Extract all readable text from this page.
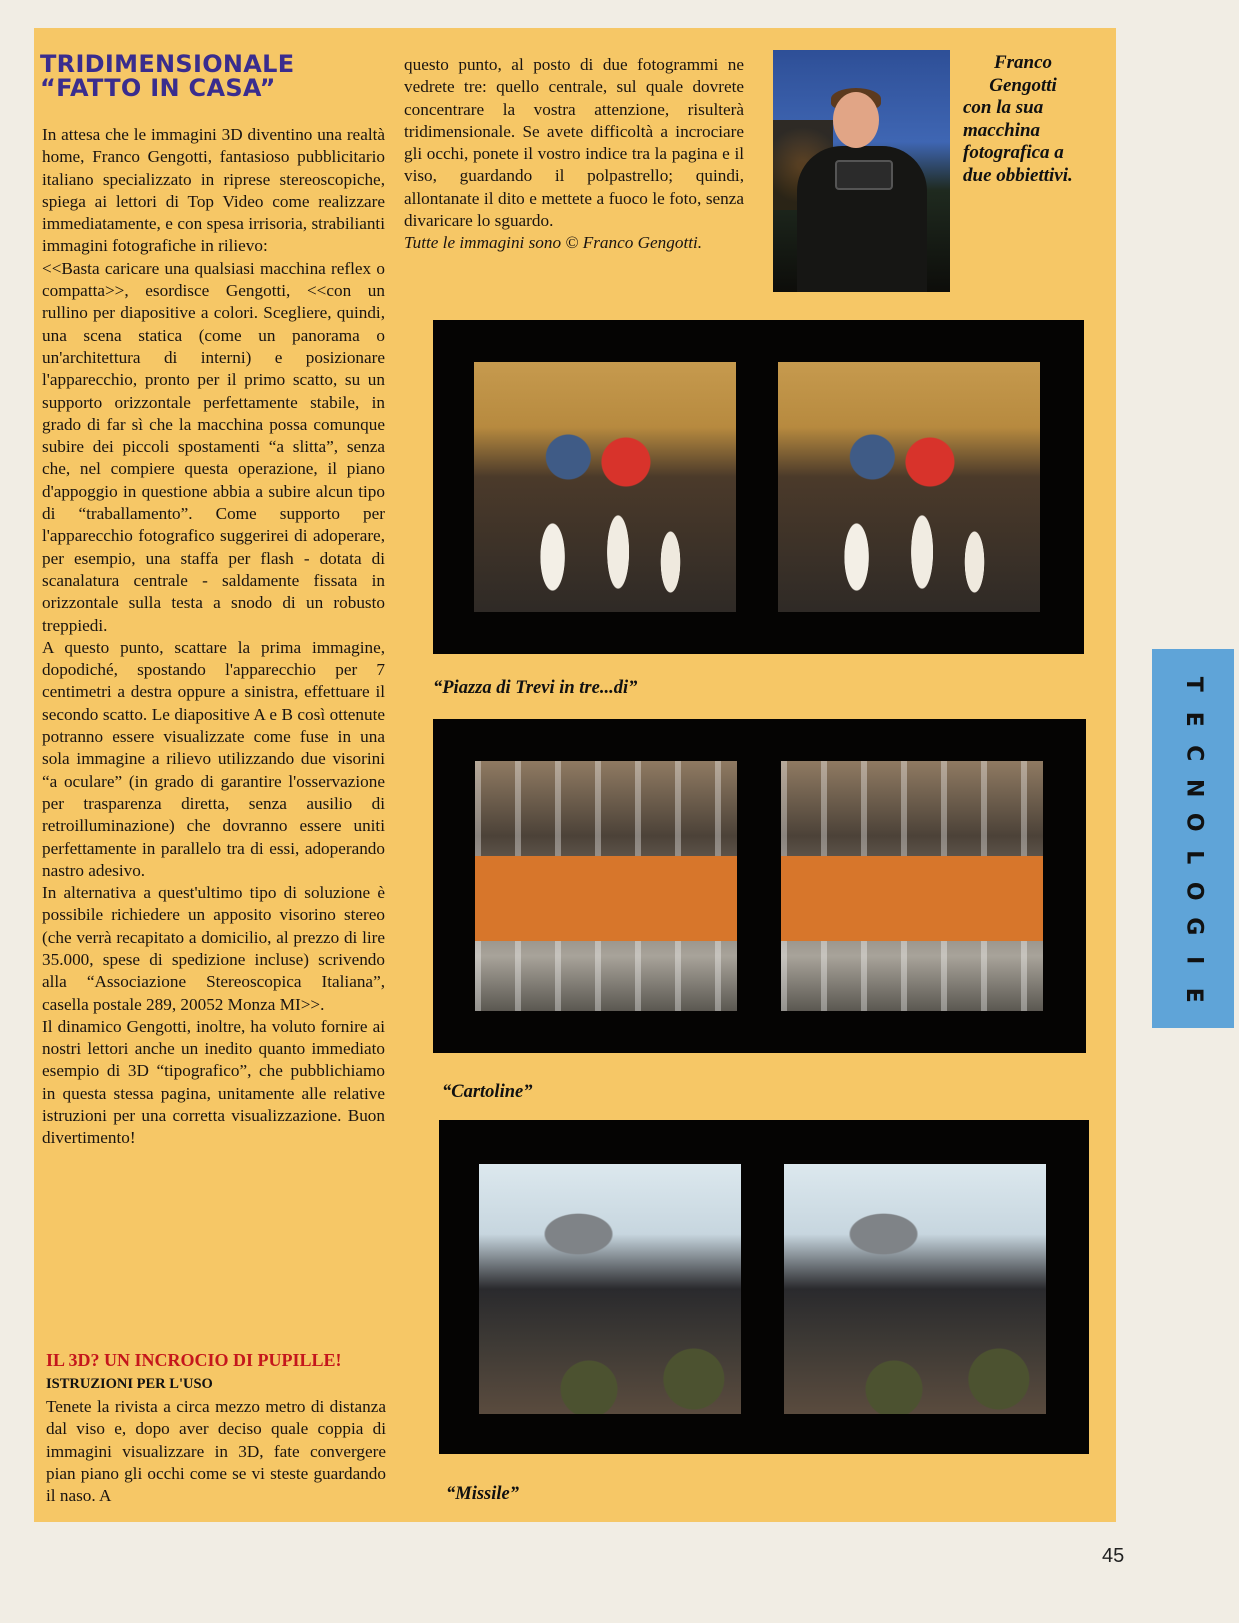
TRIDIMENSIONALE “FATTO IN CASA”

In attesa che le immagini 3D diventino una realtà home, Franco Gengotti, fantasioso pubblicitario italiano specializzato in riprese stereoscopiche, spiega ai lettori di Top Video come realizzare immediatamente, e con spesa irrisoria, strabilianti immagini fotografiche in rilievo:

<<Basta caricare una qualsiasi macchina reflex o compatta>>, esordisce Gengotti, <<con un rullino per diapositive a colori. Scegliere, quindi, una scena statica (come un panorama o un'architettura di interni) e posizionare l'apparecchio, pronto per il primo scatto, su un supporto orizzontale perfettamente stabile, in grado di far sì che la macchina possa comunque subire dei piccoli spostamenti “a slitta”, senza che, nel compiere questa operazione, il piano d'appoggio in questione abbia a subire alcun tipo di “traballamento”. Come supporto per l'apparecchio fotografico suggerirei di adoperare, per esempio, una staffa per flash - dotata di scanalatura centrale - saldamente fissata in orizzontale sulla testa a snodo di un robusto treppiedi.

A questo punto, scattare la prima immagine, dopodiché, spostando l'apparecchio per 7 centimetri a destra oppure a sinistra, effettuare il secondo scatto. Le diapositive A e B così ottenute potranno essere visualizzate come fuse in una sola immagine a rilievo utilizzando due visorini “a oculare” (in grado di garantire l'osservazione per trasparenza diretta, senza ausilio di retroilluminazione) che dovranno essere uniti perfettamente in parallelo tra di essi, adoperando nastro adesivo.

In alternativa a quest'ultimo tipo di soluzione è possibile richiedere un apposito visorino stereo (che verrà recapitato a domicilio, al prezzo di lire 35.000, spese di spedizione incluse) scrivendo alla “Associazione Stereoscopica Italiana”, casella postale 289, 20052 Monza MI>>.

Il dinamico Gengotti, inoltre, ha voluto fornire ai nostri lettori anche un inedito quanto immediato esempio di 3D “tipografico”, che pubblichiamo in questa stessa pagina, unitamente alle relative istruzioni per una corretta visualizzazione. Buon divertimento!

IL 3D? UN INCROCIO DI PUPILLE!
ISTRUZIONI PER L'USO

Tenete la rivista a circa mezzo metro di distanza dal viso e, dopo aver deciso quale coppia di immagini visualizzare in 3D, fate convergere pian piano gli occhi come se vi steste guardando il naso. A

questo punto, al posto di due fotogrammi ne vedrete tre: quello centrale, sul quale dovrete concentrare la vostra attenzione, risulterà tridimensionale. Se avete difficoltà a incrociare gli occhi, ponete il vostro indice tra la pagina e il viso, guardando il polpastrello; quindi, allontanate il dito e mettete a fuoco le foto, senza divaricare lo sguardo.

Tutte le immagini sono © Franco Gengotti.

Franco Gengotti
con la sua macchina fotografica a due obbiettivi.
“Piazza di Trevi in tre...di”
“Cartoline”
“Missile”
T
E
C
N
O
L
O
G
I
E
45
